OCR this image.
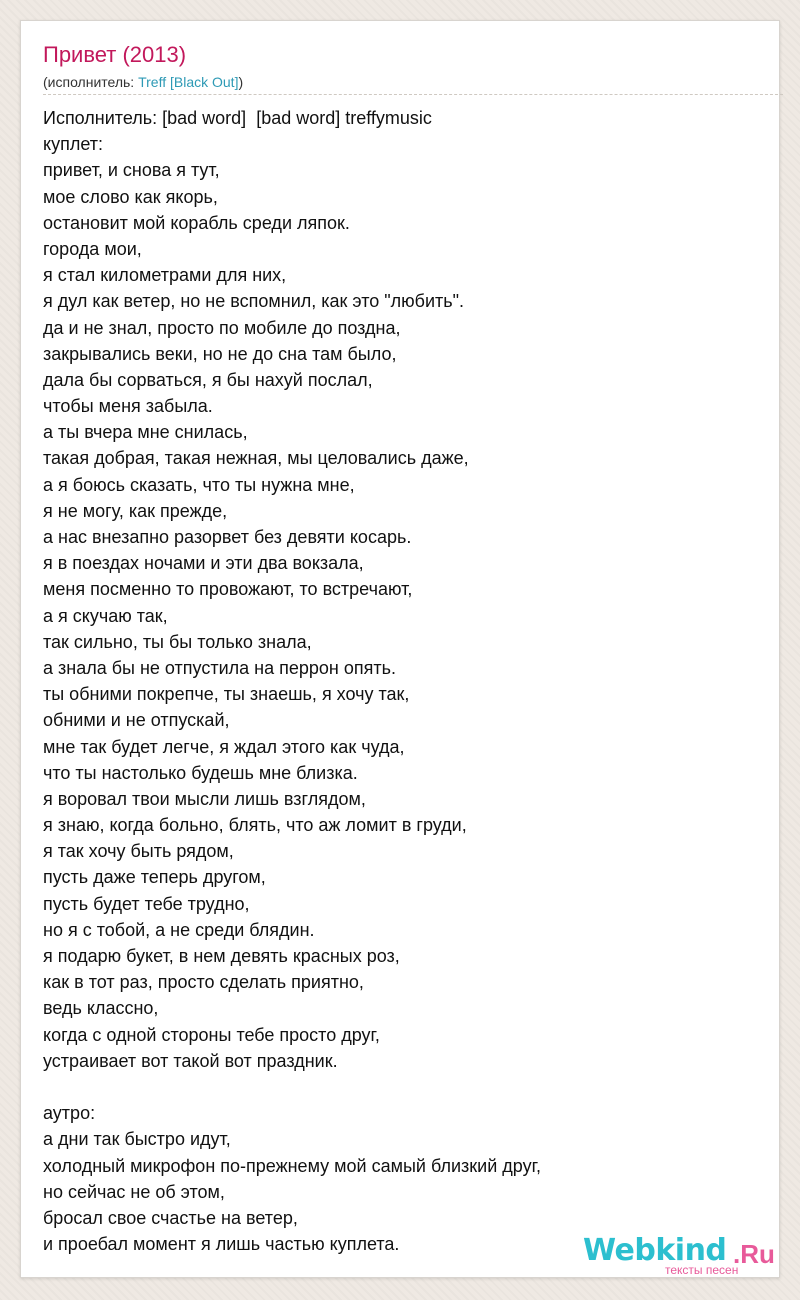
Привет (2013)
(исполнитель: Treff [Black Out])
Исполнитель: [bad word]  [bad word] treffymusic
куплет:
привет, и снова я тут,
мое слово как якорь,
остановит мой корабль среди ляпок.
города мои,
я стал километрами для них,
я дул как ветер, но не вспомнил, как это "любить".
да и не знал, просто по мобиле до поздна,
закрывались веки, но не до сна там было,
дала бы сорваться, я бы нахуй послал,
чтобы меня забыла.
а ты вчера мне снилась,
такая добрая, такая нежная, мы целовались даже,
а я боюсь сказать, что ты нужна мне,
я не могу, как прежде,
а нас внезапно разорвет без девяти косарь.
я в поездах ночами и эти два вокзала,
меня посменно то провожают, то встречают,
а я скучаю так,
так сильно, ты бы только знала,
а знала бы не отпустила на перрон опять.
ты обними покрепче, ты знаешь, я хочу так,
обними и не отпускай,
мне так будет легче, я ждал этого как чуда,
что ты настолько будешь мне близка.
я воровал твои мысли лишь взглядом,
я знаю, когда больно, блять, что аж ломит в груди,
я так хочу быть рядом,
пусть даже теперь другом,
пусть будет тебе трудно,
но я с тобой, а не среди блядин.
я подарю букет, в нем девять красных роз,
как в тот раз, просто сделать приятно,
ведь классно,
когда с одной стороны тебе просто друг,
устраивает вот такой вот праздник.
аутро:
а дни так быстро идут,
холодный микрофон по-прежнему мой самый близкий друг,
но сейчас не об этом,
бросал свое счастье на ветер,
и проебал момент я лишь частью куплета.	Webkind .Ru
тексты песен
